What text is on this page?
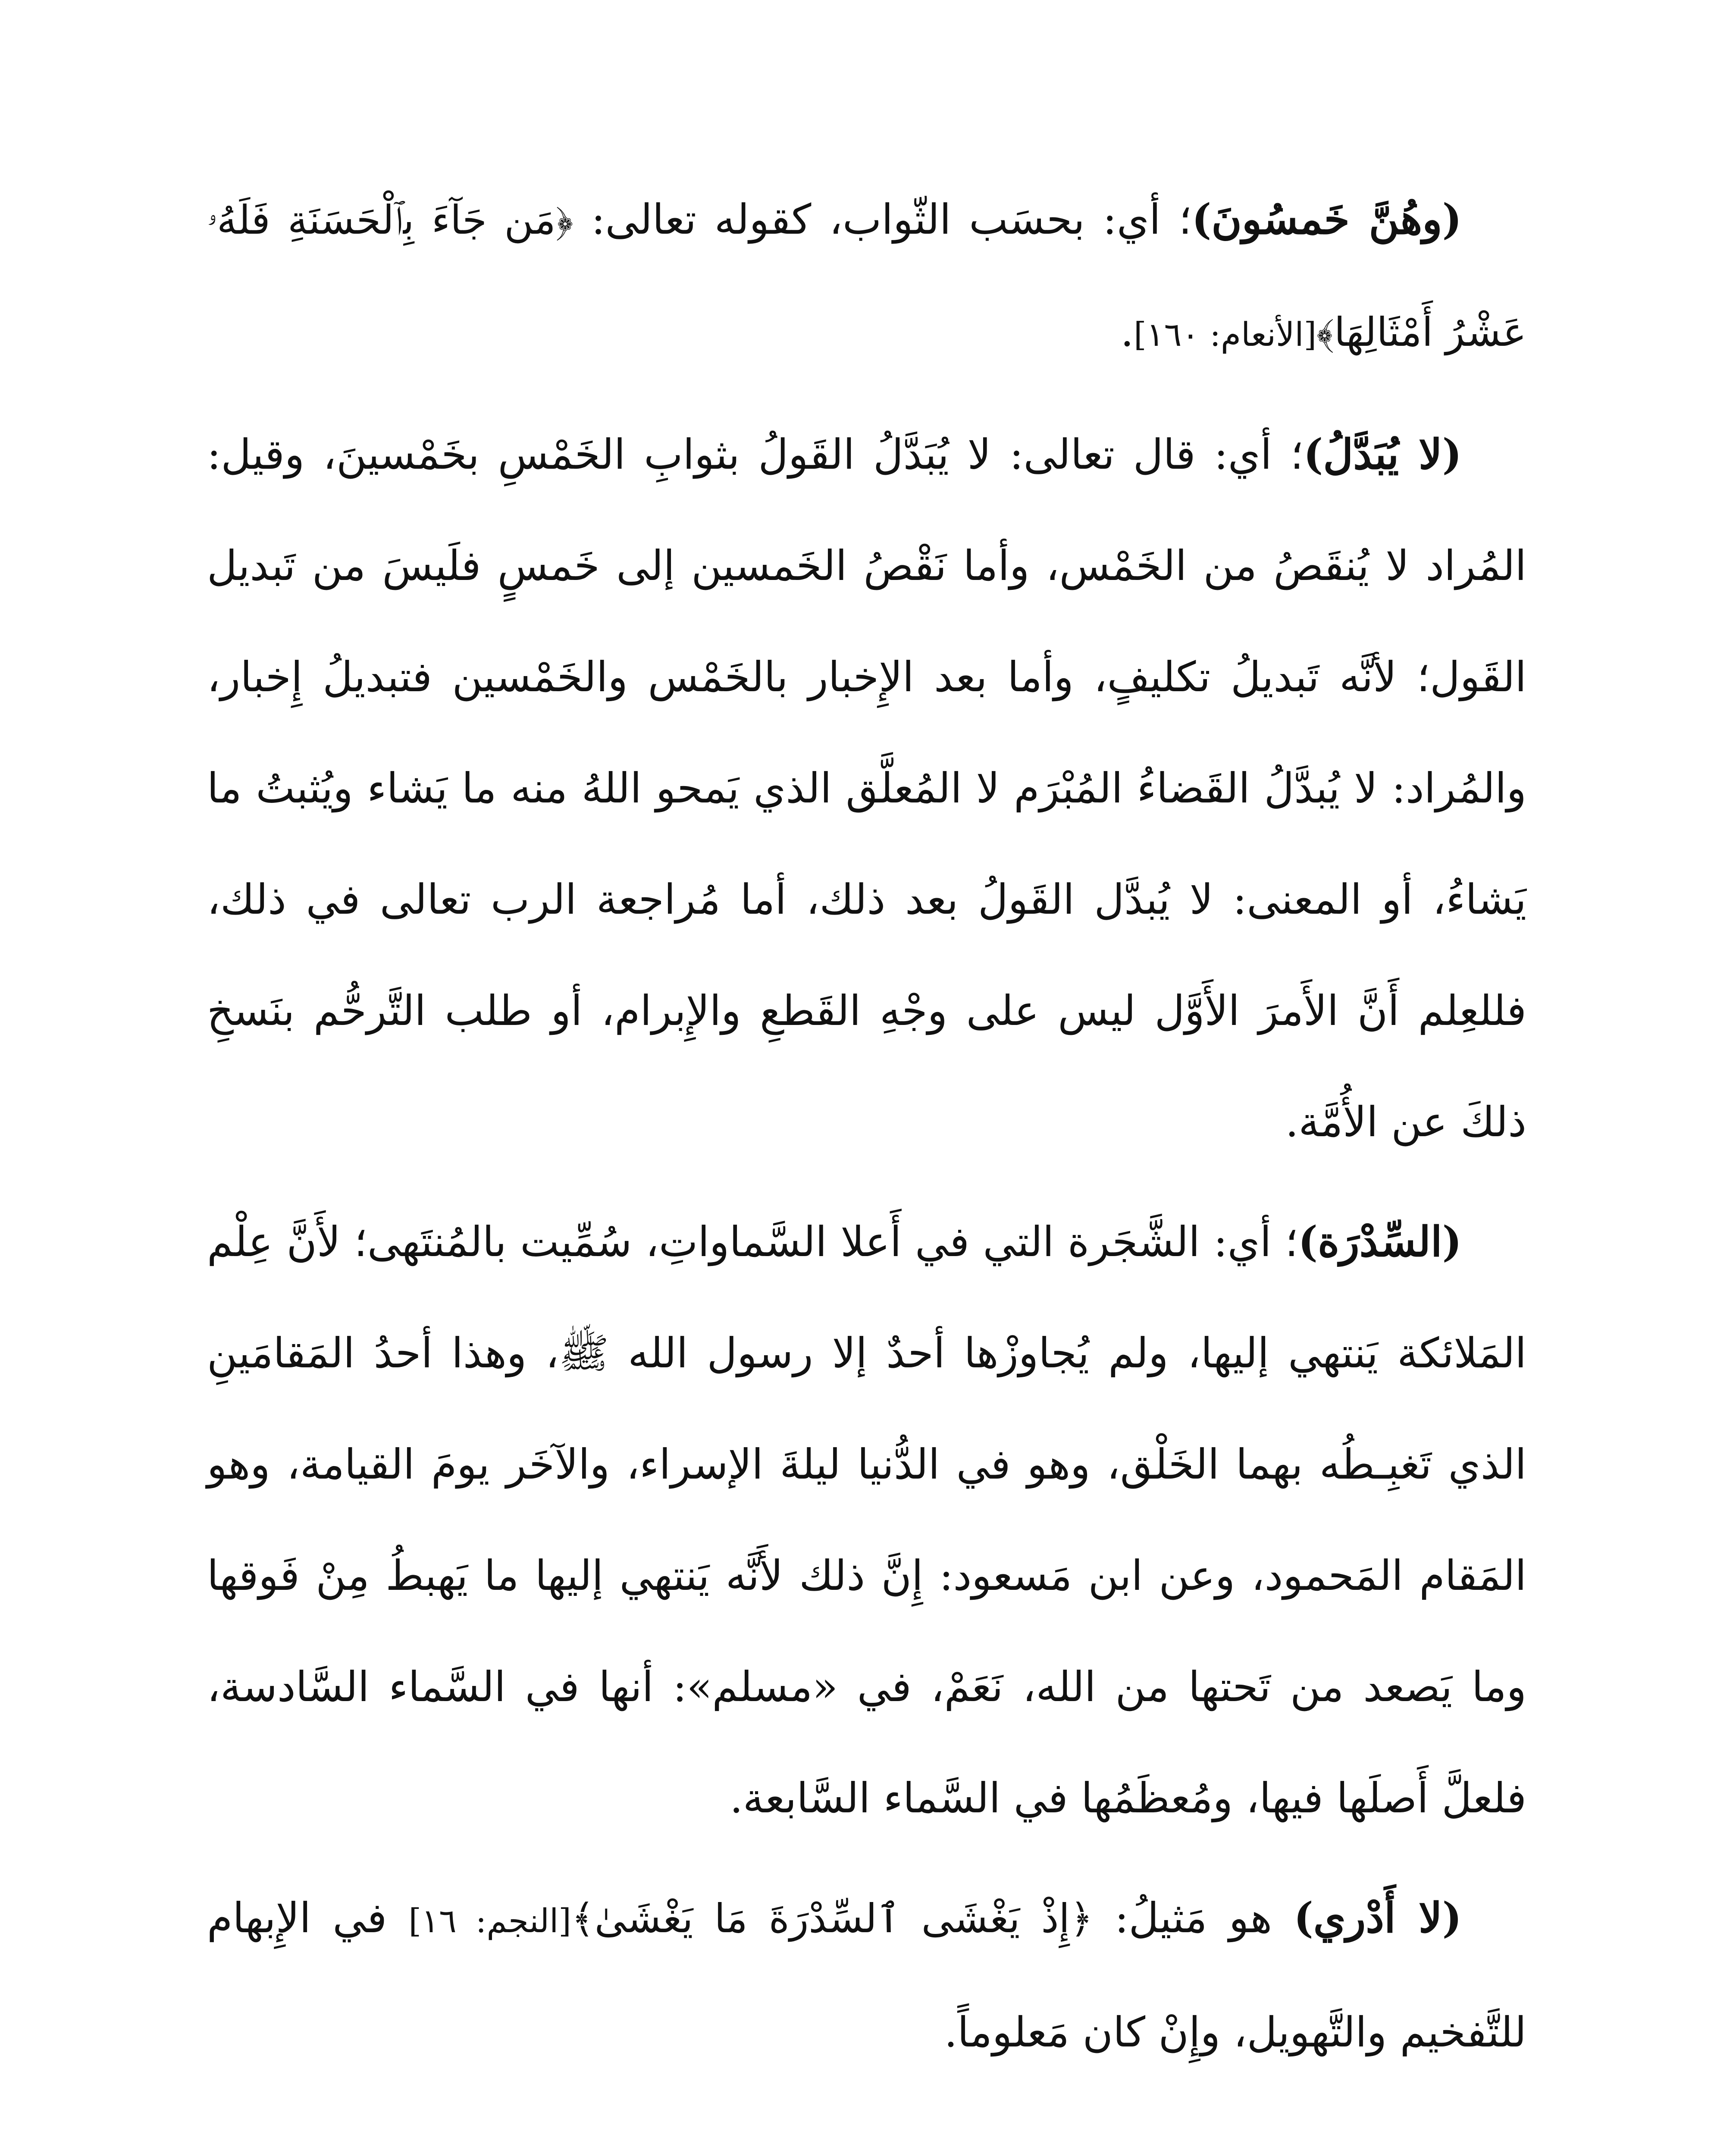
(وهُنَّ خَمسُونَ)؛ أي: بحسَب الثّواب، كقوله تعالى: ﴿مَن جَآءَ بِٱلْحَسَنَةِ فَلَهُۥ عَشْرُ أَمْثَالِهَا﴾[الأنعام: ١٦٠].

(لا يُبَدَّلُ)؛ أي: قال تعالى: لا يُبَدَّلُ القَولُ بثوابِ الخَمْسِ بخَمْسينَ، وقيل: المُراد لا يُنقَصُ من الخَمْس، وأما نَقْصُ الخَمسين إلى خَمسٍ فلَيسَ من تَبديل القَول؛ لأنَّه تَبديلُ تكليفٍ، وأما بعد الإِخبار بالخَمْس والخَمْسين فتبديلُ إِخبار، والمُراد: لا يُبدَّلُ القَضاءُ المُبْرَم لا المُعلَّق الذي يَمحو اللهُ منه ما يَشاء ويُثبتُ ما يَشاءُ، أو المعنى: لا يُبدَّل القَولُ بعد ذلك، أما مُراجعة الرب تعالى في ذلك، فللعِلم أَنَّ الأَمرَ الأَوَّل ليس على وجْهِ القَطعِ والإِبرام، أو طلب التَّرحُّم بنَسخِ ذلكَ عن الأُمَّة.

(السِّدْرَة)؛ أي: الشَّجَرة التي في أَعلا السَّماواتِ، سُمِّيت بالمُنتَهى؛ لأَنَّ عِلْم المَلائكة يَنتهي إليها، ولم يُجاوزْها أحدٌ إلا رسول الله ﷺ، وهذا أحدُ المَقامَينِ الذي تَغبِـطُه بهما الخَلْق، وهو في الدُّنيا ليلةَ الإسراء، والآخَر يومَ القيامة، وهو المَقام المَحمود، وعن ابن مَسعود: إِنَّ ذلك لأَنَّه يَنتهي إليها ما يَهبطُ مِنْ فَوقها وما يَصعد من تَحتها من الله، نَعَمْ، في «مسلم»: أنها في السَّماء السَّادسة، فلعلَّ أَصلَها فيها، ومُعظَمُها في السَّماء السَّابعة.

(لا أَدْري) هو مَثيلُ: ﴿إِذْ يَغْشَى ٱلسِّدْرَةَ مَا يَغْشَىٰ﴾[النجم: ١٦] في الإِبهام للتَّفخيم والتَّهويل، وإِنْ كان مَعلوماً.
